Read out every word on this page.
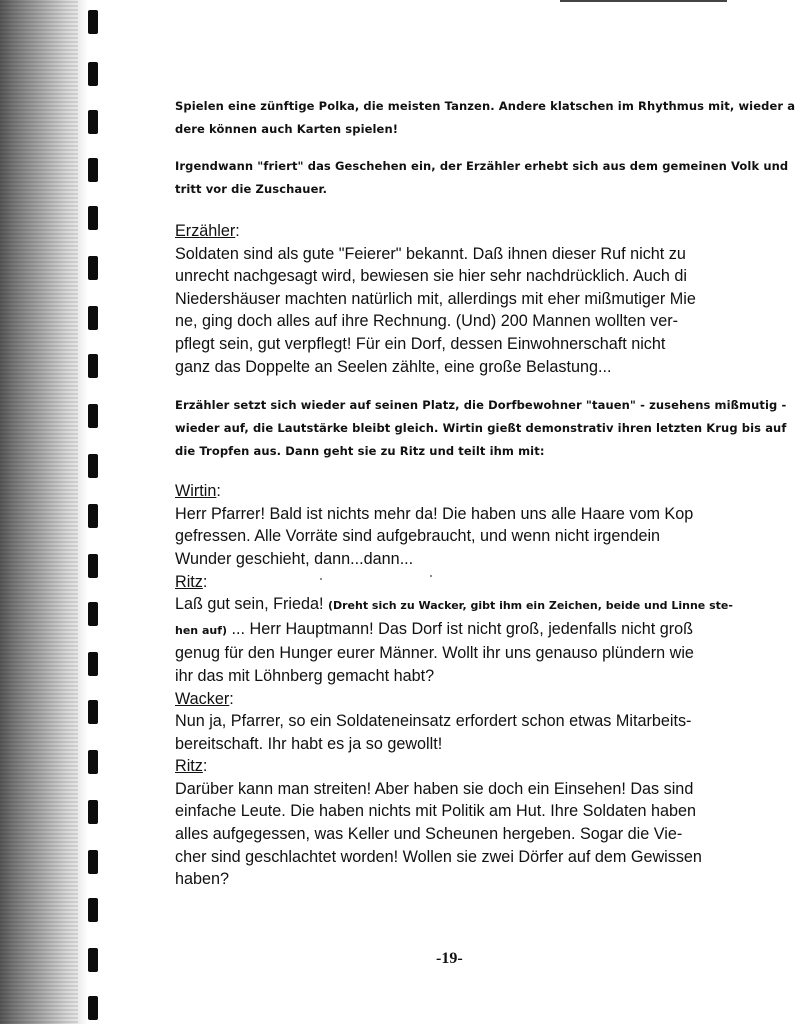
Spielen eine zünftige Polka, die meisten Tanzen. Andere klatschen im Rhythmus mit, wieder a
dere können auch Karten spielen!
Irgendwann "friert" das Geschehen ein, der Erzähler erhebt sich aus dem gemeinen Volk und
tritt vor die Zuschauer.
Erzähler:
Soldaten sind als gute "Feierer" bekannt. Daß ihnen dieser Ruf nicht zu
unrecht nachgesagt wird, bewiesen sie hier sehr nachdrücklich. Auch di
Niedershäuser machten natürlich mit, allerdings mit eher mißmutiger Mie
ne, ging doch alles auf ihre Rechnung. (Und) 200 Mannen wollten ver-
pflegt sein, gut verpflegt! Für ein Dorf, dessen Einwohnerschaft nicht
ganz das Doppelte an Seelen zählte, eine große Belastung...
Erzähler setzt sich wieder auf seinen Platz, die Dorfbewohner "tauen" - zusehens mißmutig -
wieder auf, die Lautstärke bleibt gleich. Wirtin gießt demonstrativ ihren letzten Krug bis auf
die Tropfen aus. Dann geht sie zu Ritz und teilt ihm mit:
Wirtin:
Herr Pfarrer! Bald ist nichts mehr da! Die haben uns alle Haare vom Kop
gefressen. Alle Vorräte sind aufgebraucht, und wenn nicht irgendein
Wunder geschieht, dann...dann...
Ritz:
Laß gut sein, Frieda! (Dreht sich zu Wacker, gibt ihm ein Zeichen, beide und Linne ste-
hen auf) ... Herr Hauptmann! Das Dorf ist nicht groß, jedenfalls nicht groß
genug für den Hunger eurer Männer. Wollt ihr uns genauso plündern wie
ihr das mit Löhnberg gemacht habt?
Wacker:
Nun ja, Pfarrer, so ein Soldateneinsatz erfordert schon etwas Mitarbeits-
bereitschaft. Ihr habt es ja so gewollt!
Ritz:
Darüber kann man streiten! Aber haben sie doch ein Einsehen! Das sind
einfache Leute. Die haben nichts mit Politik am Hut. Ihre Soldaten haben
alles aufgegessen, was Keller und Scheunen hergeben. Sogar die Vie-
cher sind geschlachtet worden! Wollen sie zwei Dörfer auf dem Gewissen
haben?
-19-
